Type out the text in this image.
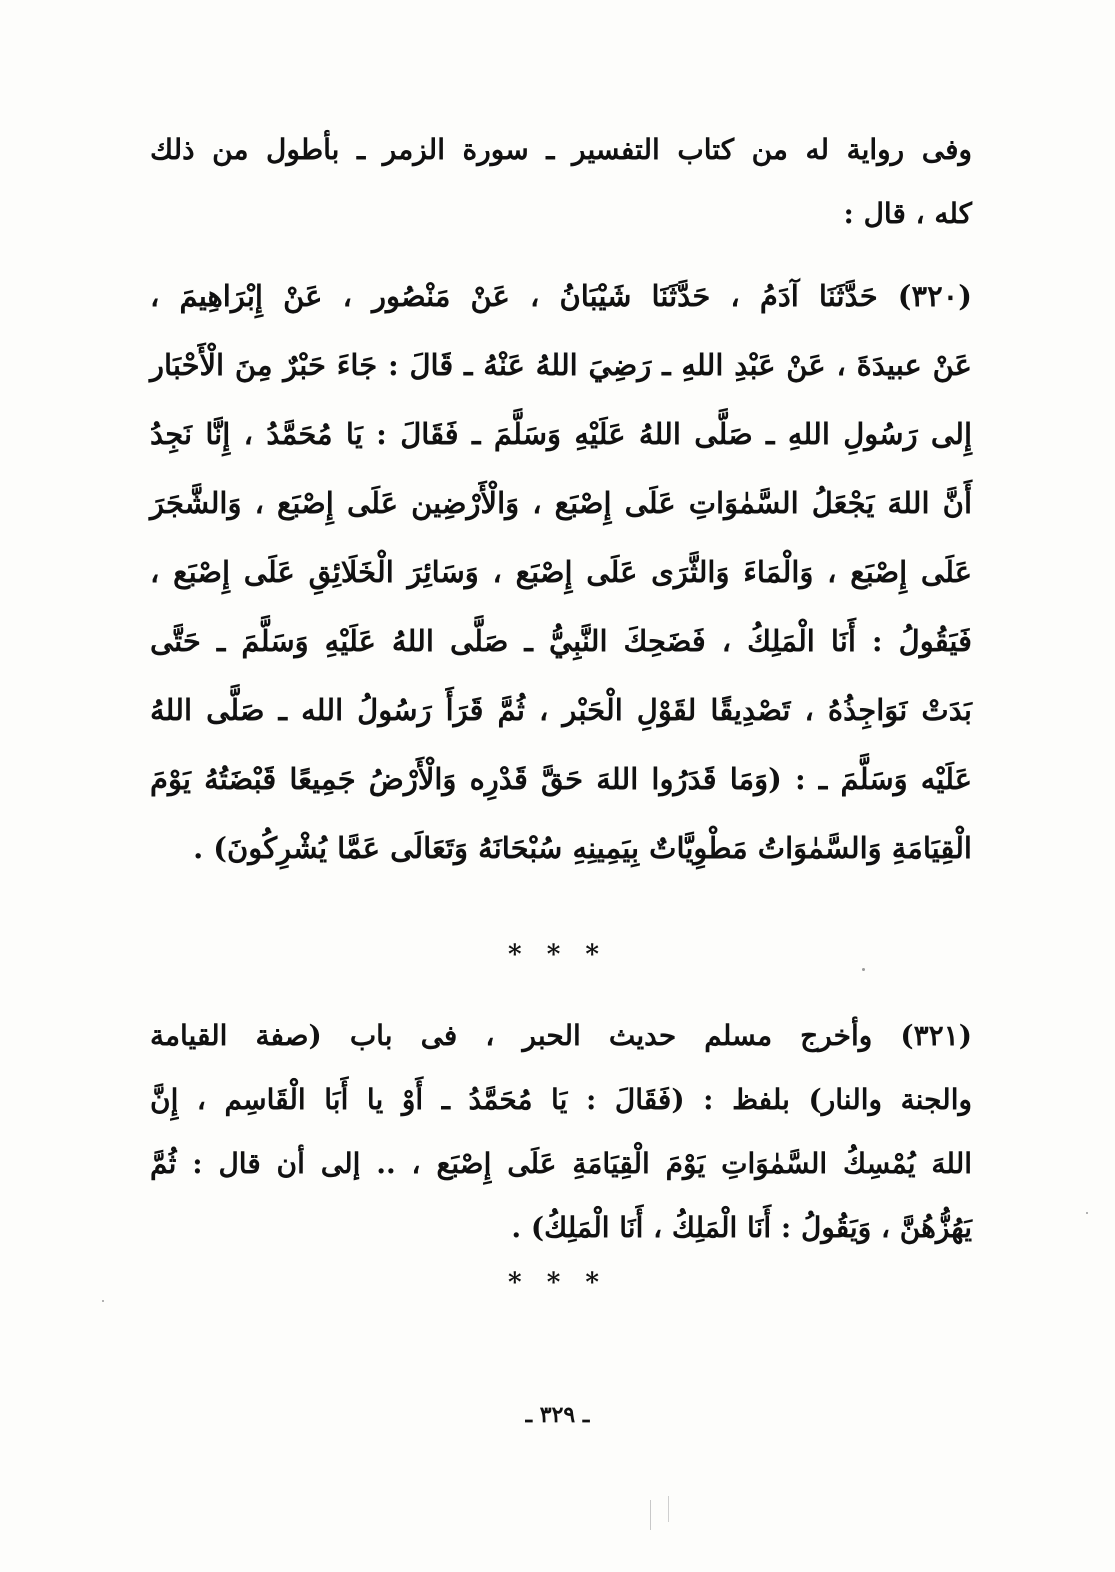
وفى رواية له من كتاب التفسير ـ سورة الزمر ـ بأطول من ذلك
كله ، قال :
(٣٢٠) حَدَّثَنَا آدَمُ ، حَدَّثَنَا شَيْبَانُ ، عَنْ مَنْصُور ، عَنْ إِبْرَاهِيمَ ،
عَنْ عبيدَةَ ، عَنْ عَبْدِ اللهِ ـ رَضِيَ اللهُ عَنْهُ ـ قَالَ : جَاءَ حَبْرٌ مِنَ الْأَحْبَار
إِلى رَسُولِ اللهِ ـ صَلَّى اللهُ عَلَيْهِ وَسَلَّمَ ـ فَقَالَ : يَا مُحَمَّدُ ، إِنَّا نَجِدُ
أَنَّ اللهَ يَجْعَلُ السَّمٰوَاتِ عَلَى إِصْبَع ، وَالْأَرْضِين عَلَى إِصْبَع ، وَالشَّجَرَ
عَلَى إِصْبَع ، وَالْمَاءَ وَالثَّرَى عَلَى إِصْبَع ، وَسَائِرَ الْخَلَائِقِ عَلَى إِصْبَع ،
فَيَقُولُ : أَنَا الْمَلِكُ ، فَضَحِكَ النَّبِيُّ ـ صَلَّى اللهُ عَلَيْهِ وَسَلَّمَ ـ حَتَّى
بَدَتْ نَوَاجِذُهُ ، تَصْدِيقًا لقَوْلِ الْحَبْر ، ثُمَّ قَرَأَ رَسُولُ الله ـ صَلَّى اللهُ
عَلَيْه وَسَلَّمَ ـ : (وَمَا قَدَرُوا اللهَ حَقَّ قَدْرِه وَالْأَرْضُ جَمِيعًا قَبْضَتُهُ يَوْمَ
الْقِيَامَةِ وَالسَّمٰوَاتُ مَطْوِيَّاتٌ بِيَمِينِهِ سُبْحَانَهُ وَتَعَالَى عَمَّا يُشْرِكُونَ) .
* * *
(٣٢١) وأخرج مسلم حديث الحبر ، فى باب (صفة القيامة
والجنة والنار) بلفظ : (فَقَالَ : يَا مُحَمَّدُ ـ أَوْ يا أَبَا الْقَاسِم ، إِنَّ
اللهَ يُمْسِكُ السَّمٰوَاتِ يَوْمَ الْقِيَامَةِ عَلَى إِصْبَع ، .. إلى أن قال : ثُمَّ
يَهُزُّهُنَّ ، وَيَقُولُ : أَنَا الْمَلِكُ ، أَنَا الْمَلِكُ) .
* * *
ـ ٣٢٩ ـ
